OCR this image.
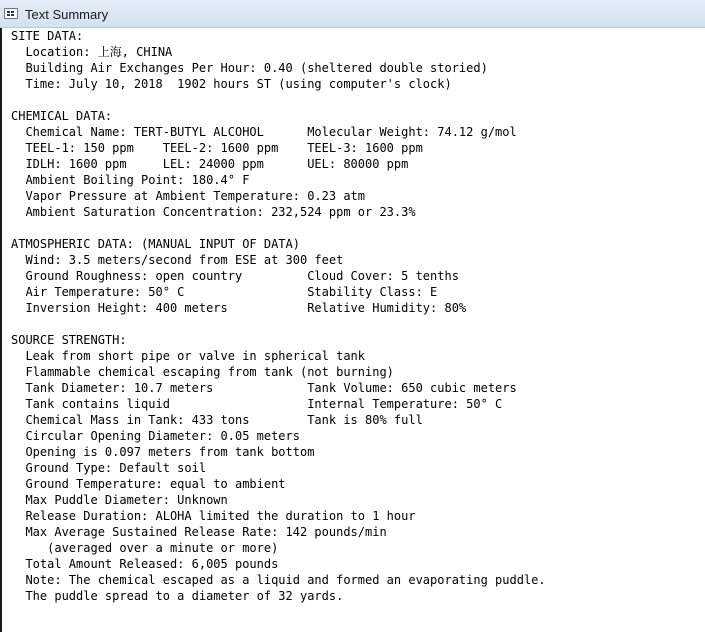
Text Summary
SITE DATA:
Location: 上海, CHINA
Building Air Exchanges Per Hour: 0.40 (sheltered double storied)
Time: July 10, 2018  1902 hours ST (using computer's clock)

CHEMICAL DATA:
Chemical Name: TERT-BUTYL ALCOHOL      Molecular Weight: 74.12 g/mol
TEEL-1: 150 ppm    TEEL-2: 1600 ppm    TEEL-3: 1600 ppm
IDLH: 1600 ppm     LEL: 24000 ppm      UEL: 80000 ppm
Ambient Boiling Point: 180.4° F
Vapor Pressure at Ambient Temperature: 0.23 atm
Ambient Saturation Concentration: 232,524 ppm or 23.3%

ATMOSPHERIC DATA: (MANUAL INPUT OF DATA)
Wind: 3.5 meters/second from ESE at 300 feet
Ground Roughness: open country         Cloud Cover: 5 tenths
Air Temperature: 50° C                 Stability Class: E
Inversion Height: 400 meters           Relative Humidity: 80%

SOURCE STRENGTH:
Leak from short pipe or valve in spherical tank
Flammable chemical escaping from tank (not burning)
Tank Diameter: 10.7 meters             Tank Volume: 650 cubic meters
Tank contains liquid                   Internal Temperature: 50° C
Chemical Mass in Tank: 433 tons        Tank is 80% full
Circular Opening Diameter: 0.05 meters
Opening is 0.097 meters from tank bottom
Ground Type: Default soil
Ground Temperature: equal to ambient
Max Puddle Diameter: Unknown
Release Duration: ALOHA limited the duration to 1 hour
Max Average Sustained Release Rate: 142 pounds/min
(averaged over a minute or more)
Total Amount Released: 6,005 pounds
Note: The chemical escaped as a liquid and formed an evaporating puddle.
The puddle spread to a diameter of 32 yards.
